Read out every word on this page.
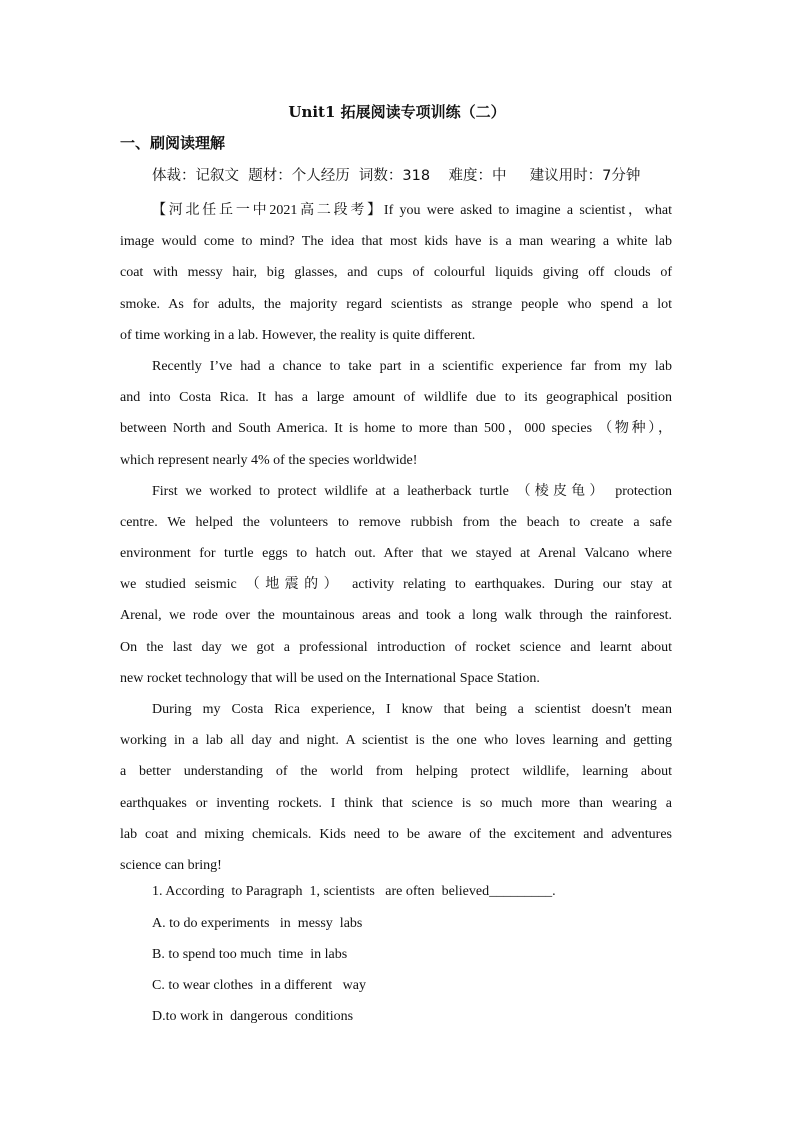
Unit1 拓展阅读专项训练（二）
一、刷阅读理解
体裁：记叙文  题材：个人经历  词数：318    难度：中     建议用时：7分钟
【河北任丘一中2021高二段考】If you were asked to imagine a scientist，what
image would come to mind? The idea that most kids have is a man wearing a white lab
coat with messy hair, big glasses, and cups of colourful liquids giving off clouds of
smoke. As for adults, the majority regard scientists as strange people who spend a lot
of time working in a lab. However, the reality is quite different.
Recently I’ve had a chance to take part in a scientific experience far from my lab
and into Costa Rica. It has a large amount of wildlife due to its geographical position
between North and South America. It is home to more than 500，000 species （物种），
which represent nearly 4% of the species worldwide!
First we worked to protect wildlife at a leatherback turtle （棱皮龟） protection
centre. We helped the volunteers to remove rubbish from the beach to create a safe
environment for turtle eggs to hatch out. After that we stayed at Arenal Valcano where
we studied seismic （地震的） activity relating to earthquakes. During our stay at
Arenal, we rode over the mountainous areas and took a long walk through the rainforest.
On the last day we got a professional introduction of rocket science and learnt about
new rocket technology that will be used on the International Space Station.
During my Costa Rica experience, I know that being a scientist doesn't mean
working in a lab all day and night. A scientist is the one who loves learning and getting
a better understanding of the world from helping protect wildlife, learning about
earthquakes or inventing rockets. I think that science is so much more than wearing a
lab coat and mixing chemicals. Kids need to be aware of the excitement and adventures
science can bring!
1. According  to Paragraph  1, scientists   are often  believed_________.
A. to do experiments   in  messy  labs
B. to spend too much  time  in labs
C. to wear clothes  in a different   way
D.to work in  dangerous  conditions
